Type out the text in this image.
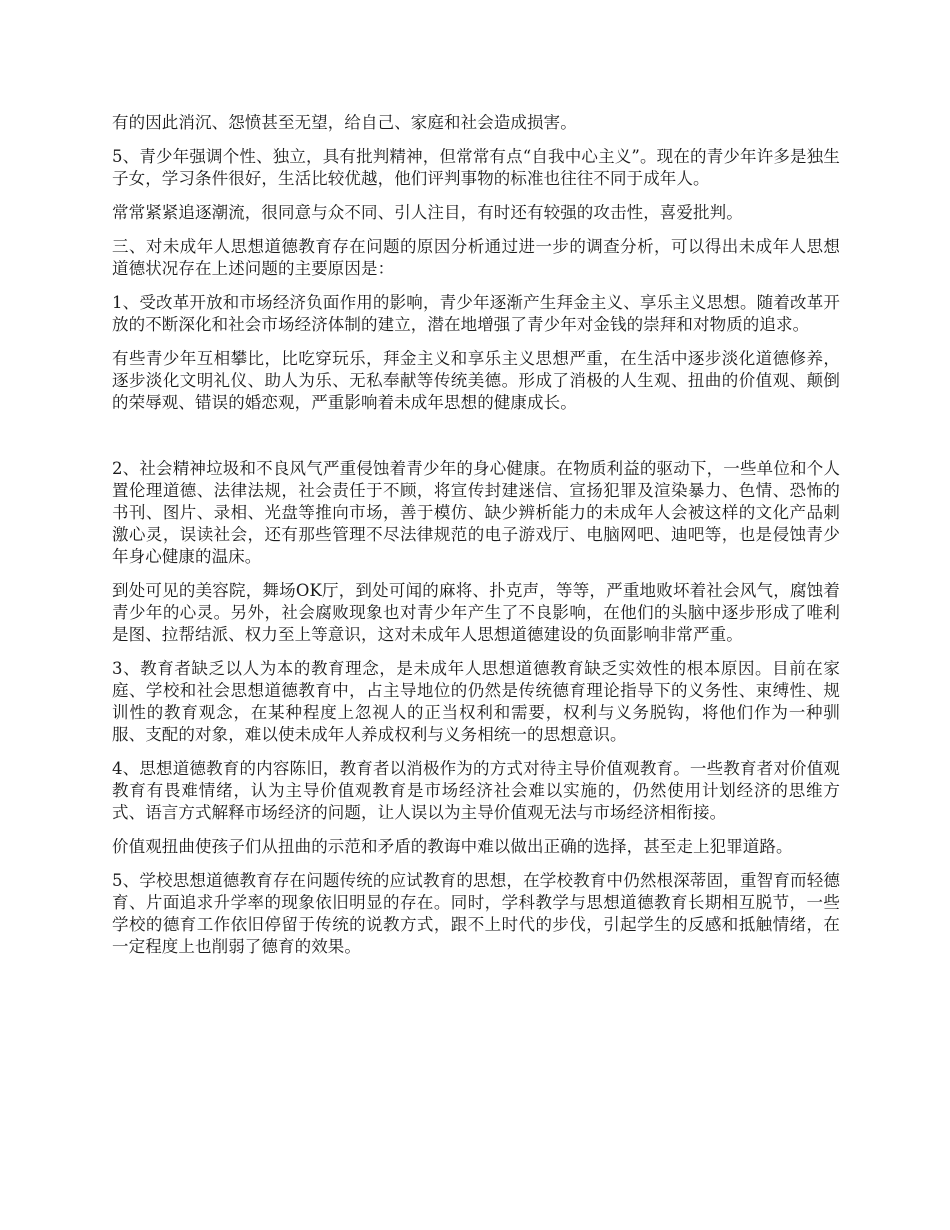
有的因此消沉、怨愤甚至无望，给自己、家庭和社会造成损害。

5、青少年强调个性、独立，具有批判精神，但常常有点“自我中心主义”。现在的青少年许多是独生子女，学习条件很好，生活比较优越，他们评判事物的标准也往往不同于成年人。

常常紧紧追逐潮流，很同意与众不同、引人注目，有时还有较强的攻击性，喜爱批判。

三、对未成年人思想道德教育存在问题的原因分析通过进一步的调查分析，可以得出未成年人思想道德状况存在上述问题的主要原因是：

1、受改革开放和市场经济负面作用的影响，青少年逐渐产生拜金主义、享乐主义思想。随着改革开放的不断深化和社会市场经济体制的建立，潜在地增强了青少年对金钱的崇拜和对物质的追求。

有些青少年互相攀比，比吃穿玩乐，拜金主义和享乐主义思想严重，在生活中逐步淡化道德修养，逐步淡化文明礼仪、助人为乐、无私奉献等传统美德。形成了消极的人生观、扭曲的价值观、颠倒的荣辱观、错误的婚恋观，严重影响着未成年思想的健康成长。

2、社会精神垃圾和不良风气严重侵蚀着青少年的身心健康。在物质利益的驱动下，一些单位和个人置伦理道德、法律法规，社会责任于不顾，将宣传封建迷信、宣扬犯罪及渲染暴力、色情、恐怖的书刊、图片、录相、光盘等推向市场，善于模仿、缺少辨析能力的未成年人会被这样的文化产品刺激心灵，误读社会，还有那些管理不尽法律规范的电子游戏厅、电脑网吧、迪吧等，也是侵蚀青少年身心健康的温床。

到处可见的美容院，舞场OK厅，到处可闻的麻将、扑克声，等等，严重地败坏着社会风气，腐蚀着青少年的心灵。另外，社会腐败现象也对青少年产生了不良影响，在他们的头脑中逐步形成了唯利是图、拉帮结派、权力至上等意识，这对未成年人思想道德建设的负面影响非常严重。

3、教育者缺乏以人为本的教育理念，是未成年人思想道德教育缺乏实效性的根本原因。目前在家庭、学校和社会思想道德教育中，占主导地位的仍然是传统德育理论指导下的义务性、束缚性、规训性的教育观念，在某种程度上忽视人的正当权利和需要，权利与义务脱钩，将他们作为一种驯服、支配的对象，难以使未成年人养成权利与义务相统一的思想意识。

4、思想道德教育的内容陈旧，教育者以消极作为的方式对待主导价值观教育。一些教育者对价值观教育有畏难情绪，认为主导价值观教育是市场经济社会难以实施的，仍然使用计划经济的思维方式、语言方式解释市场经济的问题，让人误以为主导价值观无法与市场经济相衔接。

价值观扭曲使孩子们从扭曲的示范和矛盾的教诲中难以做出正确的选择，甚至走上犯罪道路。

5、学校思想道德教育存在问题传统的应试教育的思想，在学校教育中仍然根深蒂固，重智育而轻德育、片面追求升学率的现象依旧明显的存在。同时，学科教学与思想道德教育长期相互脱节，一些学校的德育工作依旧停留于传统的说教方式，跟不上时代的步伐，引起学生的反感和抵触情绪，在一定程度上也削弱了德育的效果。
